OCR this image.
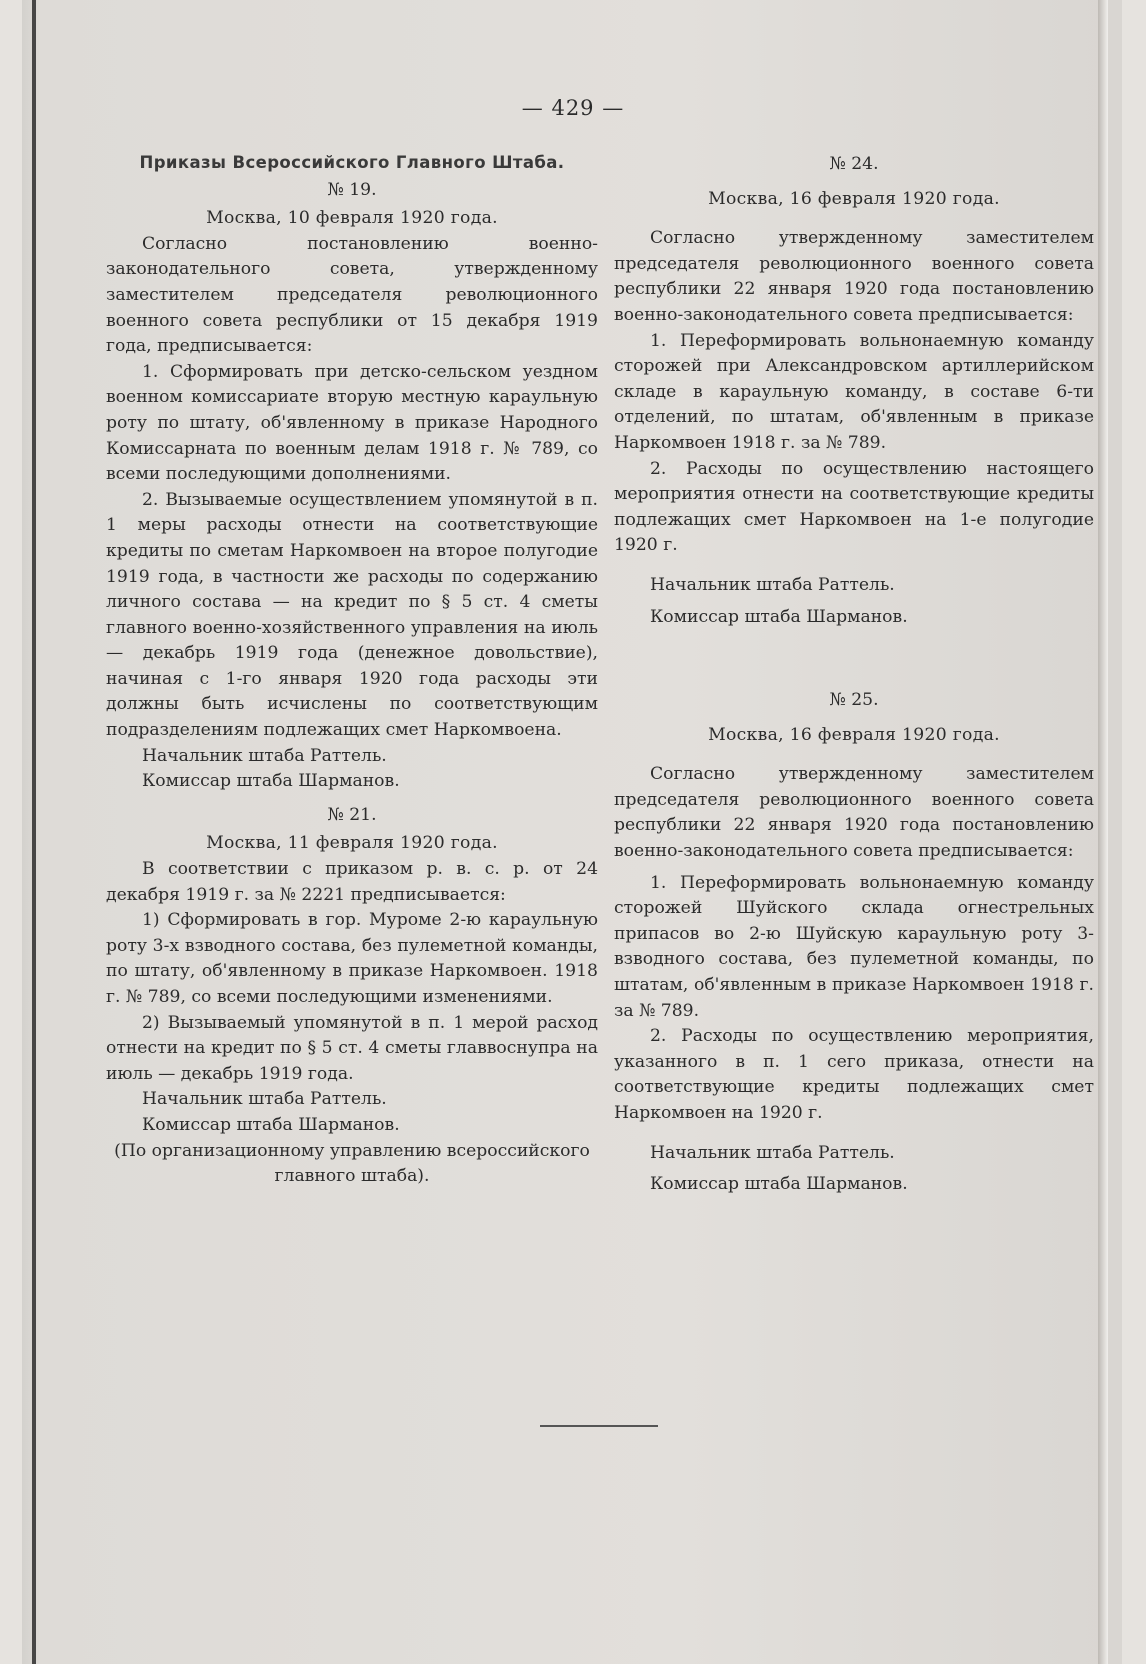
— 429 —
Приказы Всероссийского Главного Штаба.
№ 19.
Москва, 10 февраля 1920 года.

Согласно постановлению военно-законодательного совета, утвержденному заместителем председателя революционного военного совета республики от 15 декабря 1919 года, предписывается:

1. Сформировать при детско-сельском уездном военном комиссариате вторую местную караульную роту по штату, об'явленному в приказе Народного Комиссарната по военным делам 1918 г. № 789, со всеми последующими дополнениями.

2. Вызываемые осуществлением упомянутой в п. 1 меры расходы отнести на соответствующие кредиты по сметам Наркомвоен на второе полугодие 1919 года, в частности же расходы по содержанию личного состава — на кредит по § 5 ст. 4 сметы главного военно-хозяйственного управления на июль — декабрь 1919 года (денежное довольствие), начиная с 1-го января 1920 года расходы эти должны быть исчислены по соответствующим подразделениям подлежащих смет Наркомвоена.

Начальник штаба Раттель.
Комиссар штаба Шарманов.
№ 21.
Москва, 11 февраля 1920 года.

В соответствии с приказом р. в. с. р. от 24 декабря 1919 г. за № 2221 предписывается:

1) Сформировать в гор. Муроме 2-ю караульную роту 3-х взводного состава, без пулеметной команды, по штату, об'явленному в приказе Наркомвоен. 1918 г. № 789, со всеми последующими изменениями.

2) Вызываемый упомянутой в п. 1 мерой расход отнести на кредит по § 5 ст. 4 сметы главвоснупра на июль — декабрь 1919 года.

Начальник штаба Раттель.
Комиссар штаба Шарманов.
(По организационному управлению всероссийского главного штаба).
№ 24.
Москва, 16 февраля 1920 года.

Согласно утвержденному заместителем председателя революционного военного совета республики 22 января 1920 года постановлению военно-законодательного совета предписывается:

1. Переформировать вольнонаемную команду сторожей при Александровском артиллерийском складе в караульную команду, в составе 6-ти отделений, по штатам, об'явленным в приказе Наркомвоен 1918 г. за № 789.

2. Расходы по осуществлению настоящего мероприятия отнести на соответствующие кредиты подлежащих смет Наркомвоен на 1-е полугодие 1920 г.

Начальник штаба Раттель.
Комиссар штаба Шарманов.
№ 25.
Москва, 16 февраля 1920 года.

Согласно утвержденному заместителем председателя революционного военного совета республики 22 января 1920 года постановлению военно-законодательного совета предписывается:

1. Переформировать вольнонаемную команду сторожей Шуйского склада огнестрельных припасов во 2-ю Шуйскую караульную роту 3-взводного состава, без пулеметной команды, по штатам, об'явленным в приказе Наркомвоен 1918 г. за № 789.

2. Расходы по осуществлению мероприятия, указанного в п. 1 сего приказа, отнести на соответствующие кредиты подлежащих смет Наркомвоен на 1920 г.

Начальник штаба Раттель.
Комиссар штаба Шарманов.
